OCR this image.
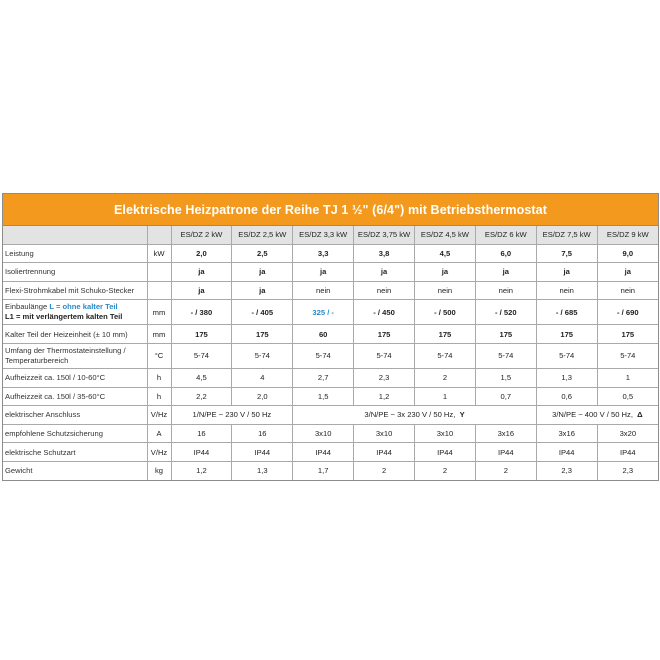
Elektrische Heizpatrone der Reihe TJ 1 ½" (6/4") mit Betriebsthermostat
		ES/DZ 2 kW	ES/DZ 2,5 kW	ES/DZ 3,3 kW	ES/DZ 3,75 kW	ES/DZ 4,5 kW	ES/DZ 6 kW	ES/DZ 7,5 kW	ES/DZ 9 kW
Leistung	kW	2,0	2,5	3,3	3,8	4,5	6,0	7,5	9,0
Isoliertrennung		ja	ja	ja	ja	ja	ja	ja	ja
Flexi-Strohmkabel mit Schuko-Stecker		ja	ja	nein	nein	nein	nein	nein	nein
Einbaulänge L = ohne kalter Teil
L1 = mit verlängertem kalten Teil	mm	- / 380	- / 405	325 / -	- / 450	- / 500	- / 520	- / 685	- / 690
Kalter Teil der Heizeinheit (± 10 mm)	mm	175	175	60	175	175	175	175	175
Umfang der Thermostateinstellung /
Temperaturbereich	°C	5-74	5-74	5-74	5-74	5-74	5-74	5-74	5-74
Aufheizzeit ca. 150l / 10-60°C	h	4,5	4	2,7	2,3	2	1,5	1,3	1
Aufheizzeit ca. 150l / 35-60°C	h	2,2	2,0	1,5	1,2	1	0,7	0,6	0,5
elektrischer Anschluss	V/Hz	1/N/PE ~ 230 V / 50 Hz		3/N/PE ~ 3x 230 V / 50 Hz, Y				3/N/PE ~ 400 V / 50 Hz, Δ	
empfohlene Schutzsicherung	A	16	16	3x10	3x10	3x10	3x16	3x16	3x20
elektrische Schutzart	V/Hz	IP44	IP44	IP44	IP44	IP44	IP44	IP44	IP44
Gewicht	kg	1,2	1,3	1,7	2	2	2	2,3	2,3
